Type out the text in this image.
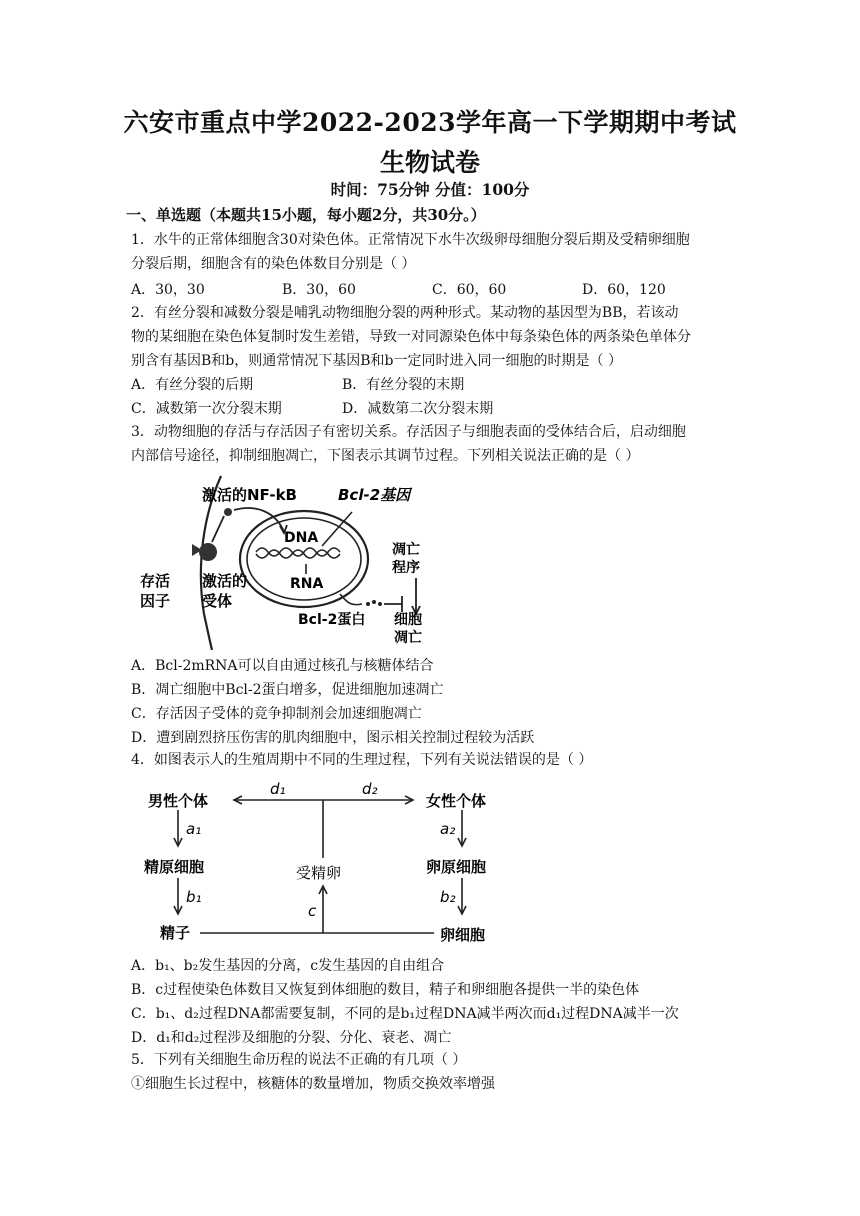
六安市重点中学2022-2023学年高一下学期期中考试
生物试卷
时间：75分钟 分值：100分
一、单选题（本题共15小题，每小题2分，共30分。）
1．水牛的正常体细胞含30对染色体。正常情况下水牛次级卵母细胞分裂后期及受精卵细胞
分裂后期，细胞含有的染色体数目分别是（ ）
A．30，30	B．30，60	C．60，60	D．60，120
2．有丝分裂和减数分裂是哺乳动物细胞分裂的两种形式。某动物的基因型为BB，若该动
物的某细胞在染色体复制时发生差错，导致一对同源染色体中每条染色体的两条染色单体分
别含有基因B和b，则通常情况下基因B和b一定同时进入同一细胞的时期是（ ）
A．有丝分裂的后期	B．有丝分裂的末期
C．减数第一次分裂末期	D．减数第二次分裂末期
3．动物细胞的存活与存活因子有密切关系。存活因子与细胞表面的受体结合后，启动细胞
内部信号途径，抑制细胞凋亡，下图表示其调节过程。下列相关说法正确的是（ ）
激活的NF-kB	Bcl-2基因
DNA
RNA
凋亡
程序
存活
因子
激活的
受体
Bcl-2蛋白 细胞
凋亡
A．Bcl-2mRNA可以自由通过核孔与核糖体结合
B．凋亡细胞中Bcl-2蛋白增多，促进细胞加速凋亡
C．存活因子受体的竞争抑制剂会加速细胞凋亡
D．遭到剧烈挤压伤害的肌肉细胞中，图示相关控制过程较为活跃
4．如图表示人的生殖周期中不同的生理过程，下列有关说法错误的是（ ）
男性个体	女性个体
d₁	d₂
a₁	a₂
精原细胞	卵原细胞
受精卵
b₁	b₂
c
精子	卵细胞
A．b₁、b₂发生基因的分离，c发生基因的自由组合
B．c过程使染色体数目又恢复到体细胞的数目，精子和卵细胞各提供一半的染色体
C．b₁、d₂过程DNA都需要复制，不同的是b₁过程DNA减半两次而d₁过程DNA减半一次
D．d₁和d₂过程涉及细胞的分裂、分化、衰老、凋亡
5．下列有关细胞生命历程的说法不正确的有几项（ ）
①细胞生长过程中，核糖体的数量增加，物质交换效率增强
